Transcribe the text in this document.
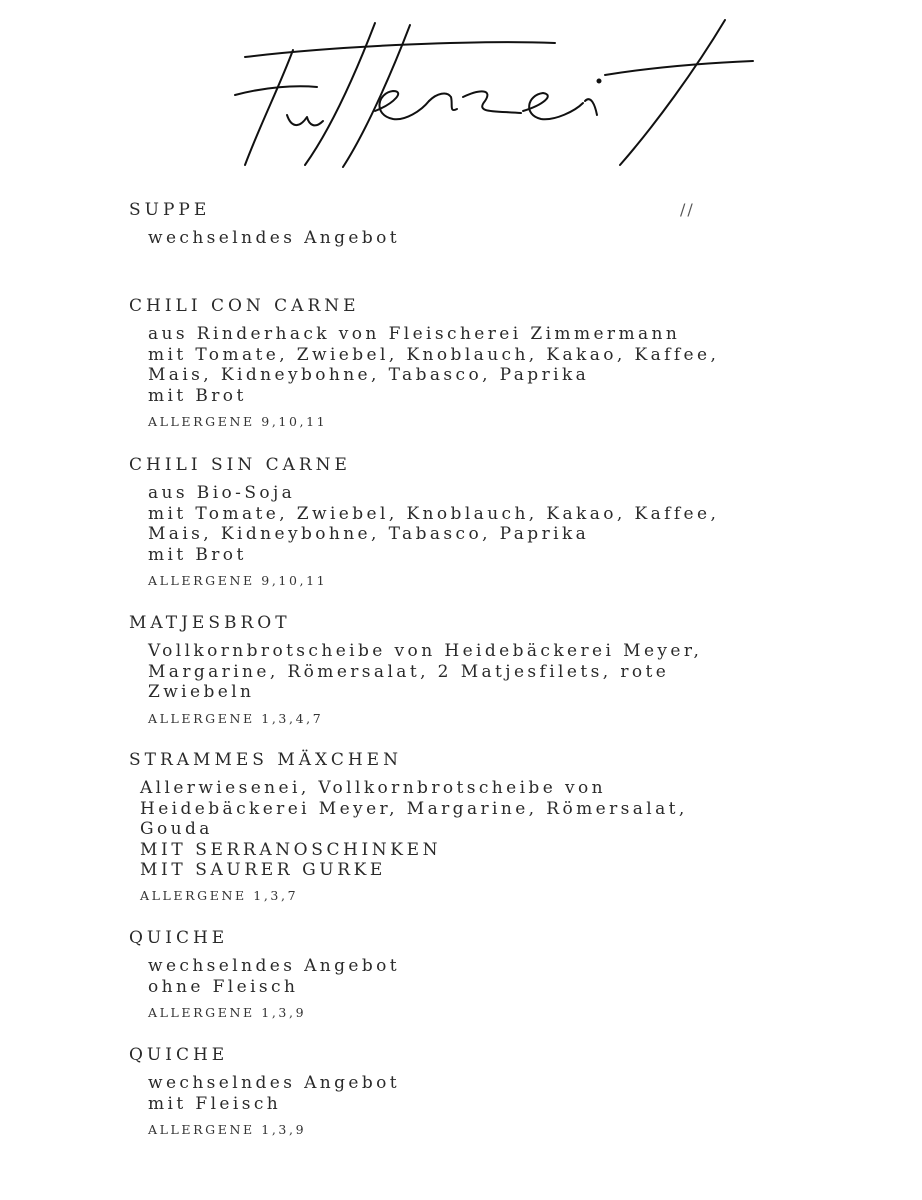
//
SUPPE
wechselndes Angebot
CHILI CON CARNE
aus Rinderhack von Fleischerei Zimmermann
mit Tomate, Zwiebel, Knoblauch, Kakao, Kaffee,
Mais, Kidneybohne, Tabasco, Paprika
mit Brot
ALLERGENE 9,10,11
CHILI SIN CARNE
aus Bio-Soja
mit Tomate, Zwiebel, Knoblauch, Kakao, Kaffee,
Mais, Kidneybohne, Tabasco, Paprika
mit Brot
ALLERGENE 9,10,11
MATJESBROT
Vollkornbrotscheibe von Heidebäckerei Meyer,
Margarine, Römersalat, 2 Matjesfilets, rote
Zwiebeln
ALLERGENE 1,3,4,7
STRAMMES MÄXCHEN
Allerwiesenei, Vollkornbrotscheibe von
Heidebäckerei Meyer, Margarine, Römersalat,
Gouda
MIT SERRANOSCHINKEN
MIT SAURER GURKE
ALLERGENE 1,3,7
QUICHE
wechselndes Angebot
ohne Fleisch
ALLERGENE 1,3,9
QUICHE
wechselndes Angebot
mit Fleisch
ALLERGENE 1,3,9
